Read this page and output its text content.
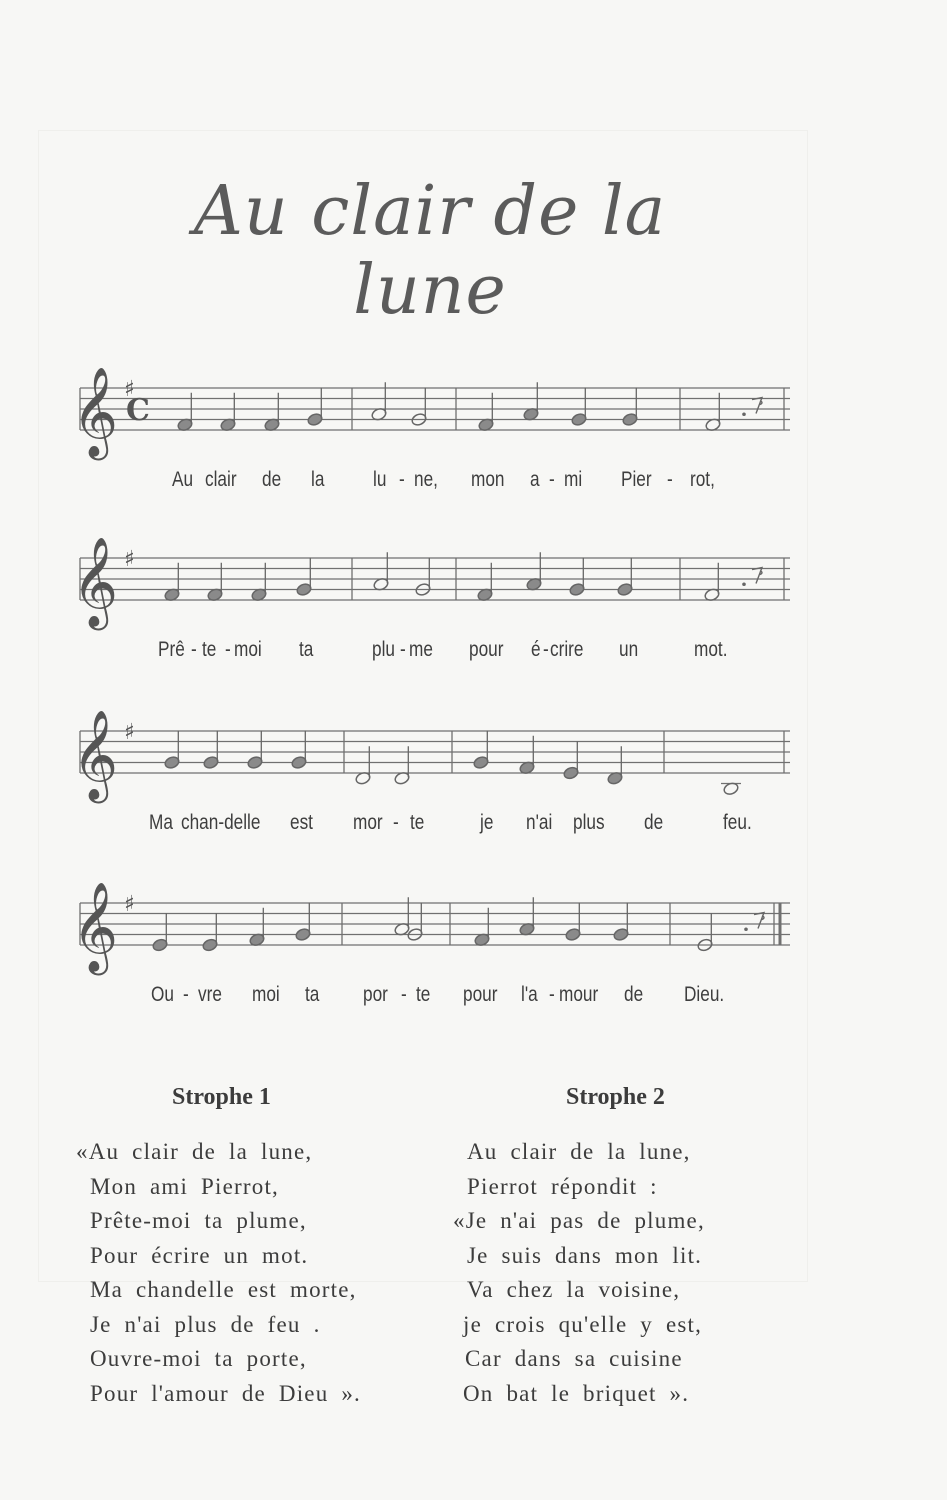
Au clair de la lune
𝄞 ♯
C
Au clair de la lu - ne, mon a - mi Pier - rot,
𝄞 ♯
Prê - te - moi ta	plu - me pour é - crire un	mot.
𝄞 ♯
Ma chan-delle est mor - te	je n'ai plus de	feu.
𝄞 ♯
Ou - vre moi ta por - te pour l'a - mour de Dieu.
Strophe 1	Strophe 2
«Au clair de la lune,
Mon ami Pierrot,
Prête-moi ta plume,
Pour écrire un mot.
Ma chandelle est morte,
Je n'ai plus de feu .
Ouvre-moi ta porte,
Pour l'amour de Dieu ».
Au clair de la lune,
Pierrot répondit :
«Je n'ai pas de plume,
Je suis dans mon lit.
Va chez la voisine,
je crois qu'elle y est,
Car dans sa cuisine
On bat le briquet ».
